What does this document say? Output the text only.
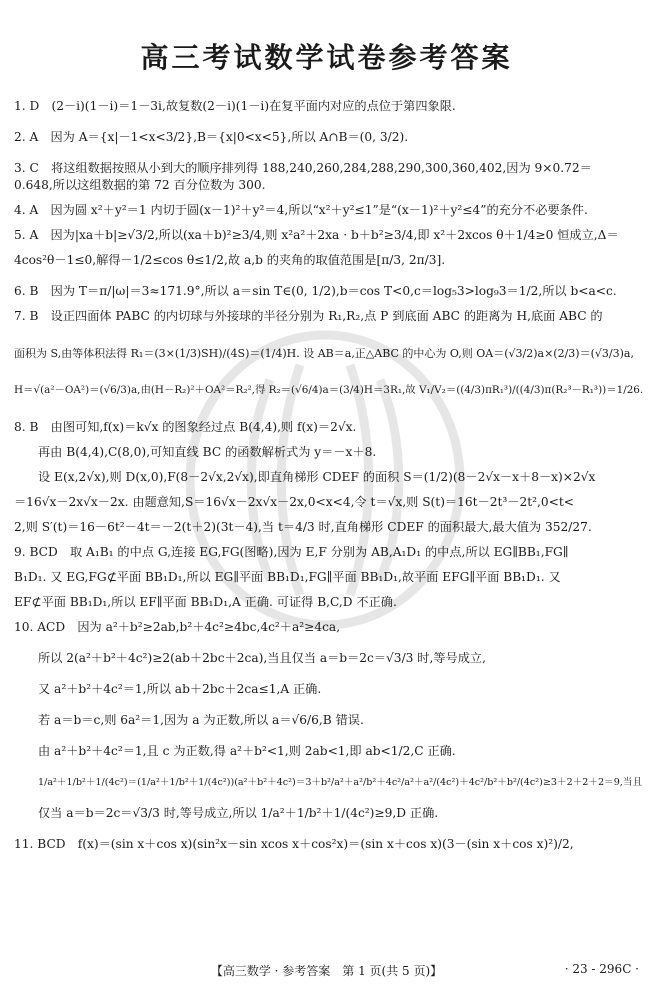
高三考试数学试卷参考答案

1. D　(2－i)(1－i)＝1－3i,故复数(2－i)(1－i)在复平面内对应的点位于第四象限.

2. A　因为 A＝{x|－1<x<3/2},B＝{x|0<x<5},所以 A∩B＝(0, 3/2).

3. C　将这组数据按照从小到大的顺序排列得 188,240,260,284,288,290,300,360,402,因为 9×0.72＝

0.648,所以这组数据的第 72 百分位数为 300.

4. A　因为圆 x²＋y²＝1 内切于圆(x－1)²＋y²＝4,所以“x²＋y²≤1”是“(x－1)²＋y²≤4”的充分不必要条件.

5. A　因为|xa＋b|≥√3/2,所以(xa＋b)²≥3/4,则 x²a²＋2xa · b＋b²≥3/4,即 x²＋2xcos θ＋1/4≥0 恒成立,Δ＝

4cos²θ－1≤0,解得－1/2≤cos θ≤1/2,故 a,b 的夹角的取值范围是[π/3, 2π/3].

6. B　因为 T＝π/|ω|＝3≈171.9°,所以 a＝sin T∈(0, 1/2),b＝cos T<0,c＝log₅3>log₉3＝1/2,所以 b<a<c.

7. B　设正四面体 PABC 的内切球与外接球的半径分别为 R₁,R₂,点 P 到底面 ABC 的距离为 H,底面 ABC 的

面积为 S,由等体积法得 R₁＝(3×(1/3)SH)/(4S)＝(1/4)H. 设 AB＝a,正△ABC 的中心为 O,则 OA＝(√3/2)a×(2/3)＝(√3/3)a,

H＝√(a²－OA²)＝(√6/3)a,由(H－R₂)²＋OA²＝R₂²,得 R₂＝(√6/4)a＝(3/4)H＝3R₁,故 V₁/V₂＝((4/3)πR₁³)/((4/3)π(R₂³－R₁³))＝1/26.

8. B　由图可知,f(x)＝k√x 的图象经过点 B(4,4),则 f(x)＝2√x.

再由 B(4,4),C(8,0),可知直线 BC 的函数解析式为 y＝－x＋8.

设 E(x,2√x),则 D(x,0),F(8－2√x,2√x),即直角梯形 CDEF 的面积 S＝(1/2)(8－2√x－x＋8－x)×2√x

＝16√x－2x√x－2x. 由题意知,S＝16√x－2x√x－2x,0<x<4,令 t＝√x,则 S(t)＝16t－2t³－2t²,0<t<

2,则 S′(t)＝16－6t²－4t＝－2(t＋2)(3t－4),当 t＝4/3 时,直角梯形 CDEF 的面积最大,最大值为 352/27.

9. BCD　取 A₁B₁ 的中点 G,连接 EG,FG(图略),因为 E,F 分别为 AB,A₁D₁ 的中点,所以 EG∥BB₁,FG∥

B₁D₁. 又 EG,FG⊄平面 BB₁D₁,所以 EG∥平面 BB₁D₁,FG∥平面 BB₁D₁,故平面 EFG∥平面 BB₁D₁. 又

EF⊄平面 BB₁D₁,所以 EF∥平面 BB₁D₁,A 正确. 可证得 B,C,D 不正确.

10. ACD　因为 a²＋b²≥2ab,b²＋4c²≥4bc,4c²＋a²≥4ca,

所以 2(a²＋b²＋4c²)≥2(ab＋2bc＋2ca),当且仅当 a＝b＝2c＝√3/3 时,等号成立,

又 a²＋b²＋4c²＝1,所以 ab＋2bc＋2ca≤1,A 正确.

若 a＝b＝c,则 6a²＝1,因为 a 为正数,所以 a＝√6/6,B 错误.

由 a²＋b²＋4c²＝1,且 c 为正数,得 a²＋b²<1,则 2ab<1,即 ab<1/2,C 正确.

1/a²＋1/b²＋1/(4c²)＝(1/a²＋1/b²＋1/(4c²))(a²＋b²＋4c²)＝3＋b²/a²＋a²/b²＋4c²/a²＋a²/(4c²)＋4c²/b²＋b²/(4c²)≥3＋2＋2＋2＝9,当且

仅当 a＝b＝2c＝√3/3 时,等号成立,所以 1/a²＋1/b²＋1/(4c²)≥9,D 正确.

11. BCD　f(x)＝(sin x＋cos x)(sin²x－sin xcos x＋cos²x)＝(sin x＋cos x)(3－(sin x＋cos x)²)/2,

【高三数学 · 参考答案　第 1 页(共 5 页)】	· 23 - 296C ·
